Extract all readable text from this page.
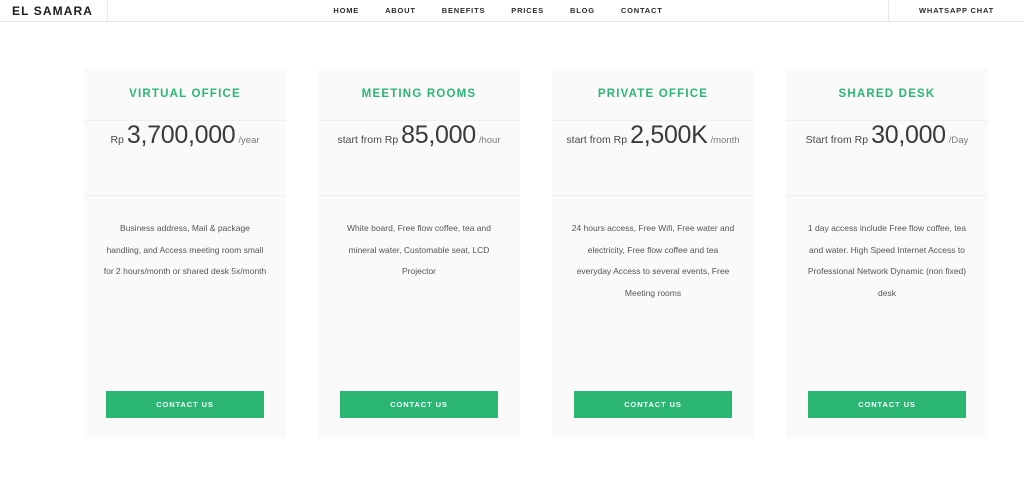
EL SAMARA	HOME	ABOUT	BENEFITS	PRICES	BLOG	CONTACT	WHATSAPP CHAT
VIRTUAL OFFICE
Rp 3,700,000 /year
Business address, Mail & package handling, and Access meeting room small for 2 hours/month or shared desk 5x/month
CONTACT US
MEETING ROOMS
start from Rp 85,000 /hour
White board, Free flow coffee, tea and mineral water, Customable seat, LCD Projector
CONTACT US
PRIVATE OFFICE
start from Rp 2,500K /month
24 hours access, Free Wifi, Free water and electricity, Free flow coffee and tea everyday Access to several events, Free Meeting rooms
CONTACT US
SHARED DESK
Start from Rp 30,000 /Day
1 day access include Free flow coffee, tea and water. High Speed Internet Access to Professional Network Dynamic (non fixed) desk
CONTACT US
